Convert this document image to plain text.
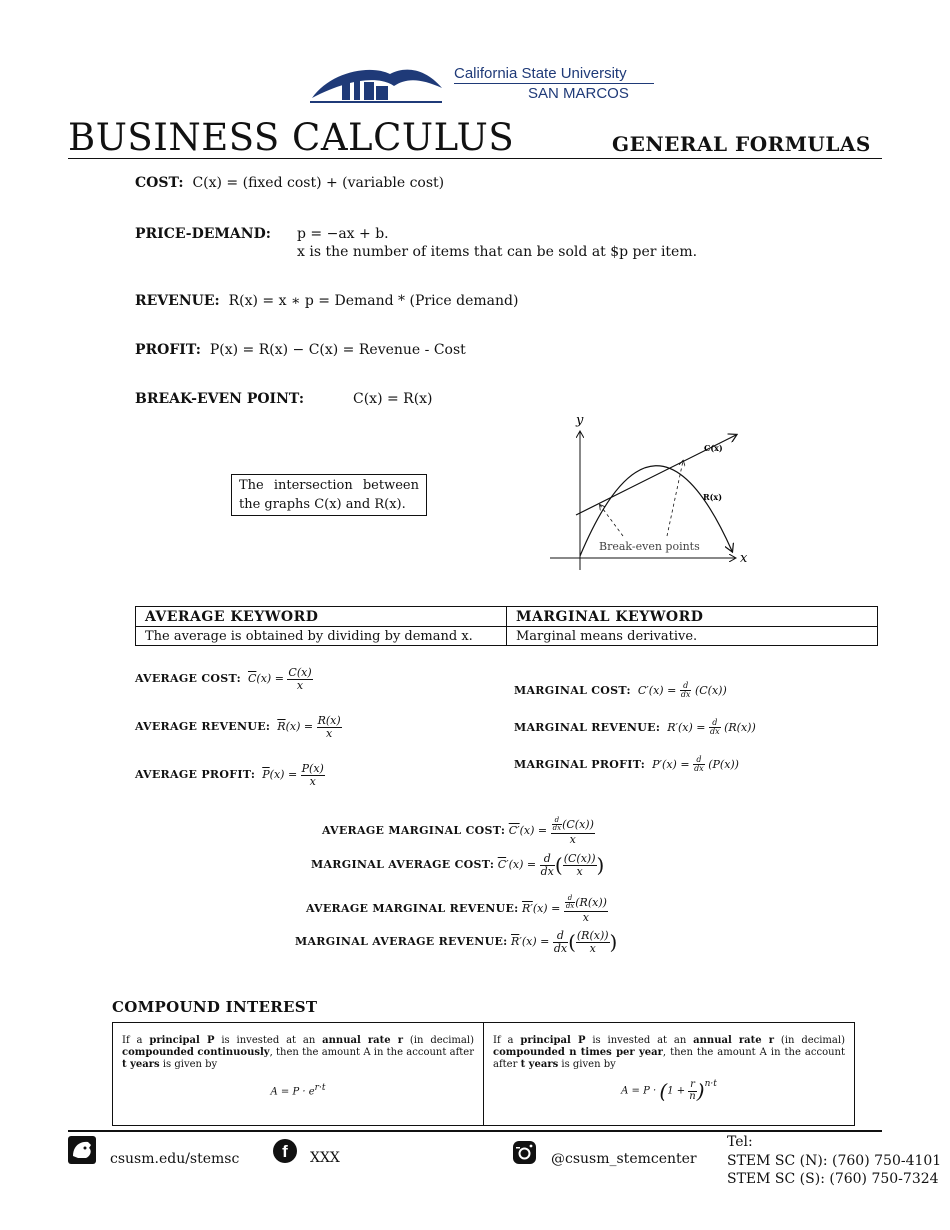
California State University
SAN MARCOS
BUSINESS CALCULUS	GENERAL FORMULAS
COST: C(x) = (fixed cost) + (variable cost)
PRICE-DEMAND: p = −ax + b.
x is the number of items that can be sold at $p per item.
REVENUE: R(x) = x ∗ p = Demand * (Price demand)
PROFIT: P(x) = R(x) − C(x) = Revenue - Cost
BREAK-EVEN POINT:	C(x) = R(x)
The intersection between the graphs C(x) and R(x).
y
x
C(x)
R(x)
Break-even points
AVERAGE KEYWORD	MARGINAL KEYWORD
The average is obtained by dividing by demand x.	Marginal means derivative.
AVERAGE COST: $\overline{C}(x) = \frac{C(x)}{x}$
AVERAGE REVENUE: $\overline{R}(x) = \frac{R(x)}{x}$
AVERAGE PROFIT: $\overline{P}(x) = \frac{P(x)}{x}$
MARGINAL COST: $C'(x) = \frac{d}{dx} (C(x))$
MARGINAL REVENUE: $R'(x) = \frac{d}{dx} (R(x))$
MARGINAL PROFIT: $P'(x) = \frac{d}{dx} (P(x))$
AVERAGE MARGINAL COST: $C'(x) = \frac{\frac{d}{dx} (C(x))}{x}$
MARGINAL AVERAGE COST: $\overline{C}'(x) = \frac{d}{dx}$ ( $\frac{(C(x))}{x}$ )
AVERAGE MARGINAL REVENUE: $R'(x) = \frac{\frac{d}{dx} (R(x))}{x}$
MARGINAL AVERAGE REVENUE: $\overline{R}'(x) = \frac{d}{dx}$ ( $\frac{(R(x))}{x}$ )
COMPOUND INTEREST
If a principal P is invested at an annual rate r (in decimal) compounded continuously, then the amount A in the account after t years is given by
$A = P \cdot e^{r\cdot t}$
If a principal P is invested at an annual rate r (in decimal) compounded n times per year, then the amount A in the account after t years is given by
$A = P \cdot (1 + \frac{r}{n} )^{n\cdot t}$
csusm.edu/stemsc	f	XXX	@csusm_stemcenter
Tel:
STEM SC (N): (760) 750-4101
STEM SC (S): (760) 750-7324
